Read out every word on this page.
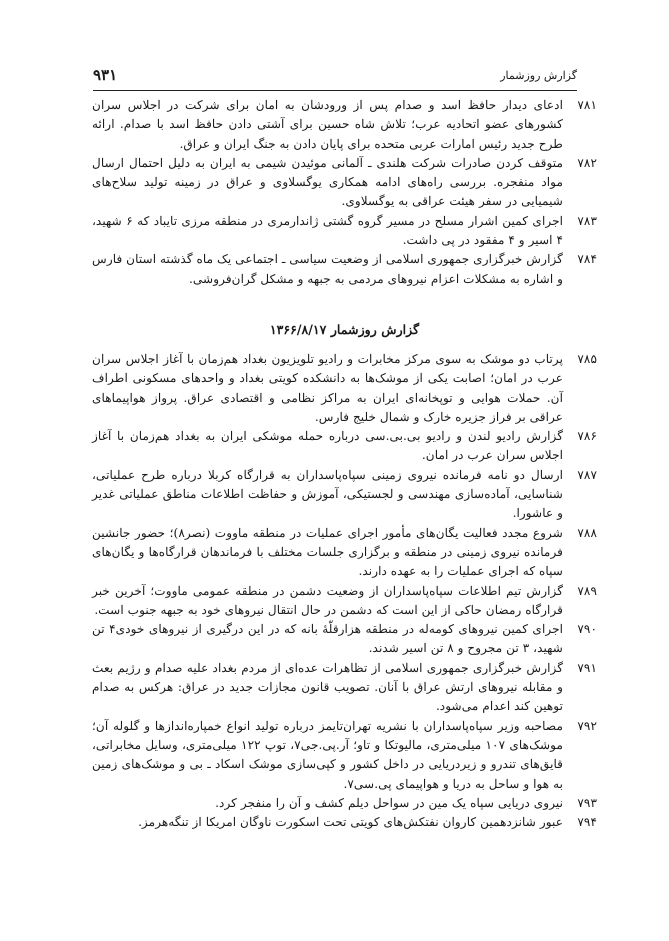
گزارش روزشمار
۹۳۱

۷۸۱
ادعای دیدار حافظ اسد و صدام پس از ورودشان به امان برای شرکت در اجلاس سران کشورهای عضو اتحادیه عرب؛ تلاش شاه حسین برای آشتی دادن حافظ اسد با صدام. ارائه طرح جدید رئیس امارات عربی متحده برای پایان دادن به جنگ ایران و عراق.

۷۸۲
متوقف کردن صادرات شرکت هلندی ـ آلمانی موئیدن شیمی به ایران به دلیل احتمال ارسال مواد منفجره. بررسی راه‌های ادامه همکاری یوگسلاوی و عراق در زمینه تولید سلاح‌های شیمیایی در سفر هیئت عراقی به یوگسلاوی.

۷۸۳
اجرای کمین اشرار مسلح در مسیر گروه گشتی ژاندارمری در منطقه مرزی تایباد که ۶ شهید، ۴ اسیر و ۴ مفقود در پی داشت.

۷۸۴
گزارش خبرگزاری جمهوری اسلامی از وضعیت سیاسی ـ اجتماعی یک ماه گذشته استان فارس و اشاره به مشکلات اعزام نیروهای مردمی به جبهه و مشکل گران‌فروشی.

گزارش روزشمار ۱۳۶۶/۸/۱۷

۷۸۵
پرتاب دو موشک به سوی مرکز مخابرات و رادیو تلویزیون بغداد هم‌زمان با آغاز اجلاس سران عرب در امان؛ اصابت یکی از موشک‌ها به دانشکده کویتی بغداد و واحدهای مسکونی اطراف آن. حملات هوایی و توپخانه‌ای ایران به مراکز نظامی و اقتصادی عراق. پرواز هواپیماهای عراقی بر فراز جزیره خارک و شمال خلیج فارس.

۷۸۶
گزارش رادیو لندن و رادیو بی.بی.سی درباره حمله موشکی ایران به بغداد هم‌زمان با آغاز اجلاس سران عرب در امان.

۷۸۷
ارسال دو نامه فرمانده نیروی زمینی سپاه‌پاسداران به قرارگاه کربلا درباره طرح عملیاتی، شناسایی، آماده‌سازی مهندسی و لجستیکی، آموزش و حفاظت اطلاعات مناطق عملیاتی غدیر و عاشورا.

۷۸۸
شروع مجدد فعالیت یگان‌های مأمور اجرای عملیات در منطقه ماووت (نصر۸)؛ حضور جانشین فرمانده نیروی زمینی در منطقه و برگزاری جلسات مختلف با فرماندهان قرارگاه‌ها و یگان‌های سپاه که اجرای عملیات را به عهده دارند.

۷۸۹
گزارش تیم اطلاعات سپاه‌پاسداران از وضعیت دشمن در منطقه عمومی ماووت؛ آخرین خبر قرارگاه رمضان حاکی از این است که دشمن در حال انتقال نیروهای خود به جبهه جنوب است.

۷۹۰
اجرای کمین نیروهای کومه‌له در منطقه هزارقلّهٔ بانه که در این درگیری از نیروهای خودی۴ تن شهید، ۳ تن مجروح و ۸ تن اسیر شدند.

۷۹۱
گزارش خبرگزاری جمهوری اسلامی از تظاهرات عده‌ای از مردم بغداد علیه صدام و رژیم بعث و مقابله نیروهای ارتش عراق با آنان. تصویب قانون مجازات جدید در عراق: هرکس به صدام توهین کند اعدام می‌شود.

۷۹۲
مصاحبه وزیر سپاه‌پاسداران با نشریه تهران‌تایمز درباره تولید انواع خمپاره‌اندازها و گلوله آن؛ موشک‌های ۱۰۷ میلی‌متری، مالیوتکا و تاو؛ آر.پی.جی۷، توپ ۱۲۲ میلی‌متری، وسایل مخابراتی، قایق‌های تندرو و زیردریایی در داخل کشور و کپی‌سازی موشک اسکاد ـ بی و موشک‌های زمین به هوا و ساحل به دریا و هواپیمای پی.سی۷.

۷۹۳
نیروی دریایی سپاه یک مین در سواحل دیلم کشف و آن را منفجر کرد.

۷۹۴
عبور شانزدهمین کاروان نفتکش‌های کویتی تحت اسکورت ناوگان امریکا از تنگه‌هرمز.
